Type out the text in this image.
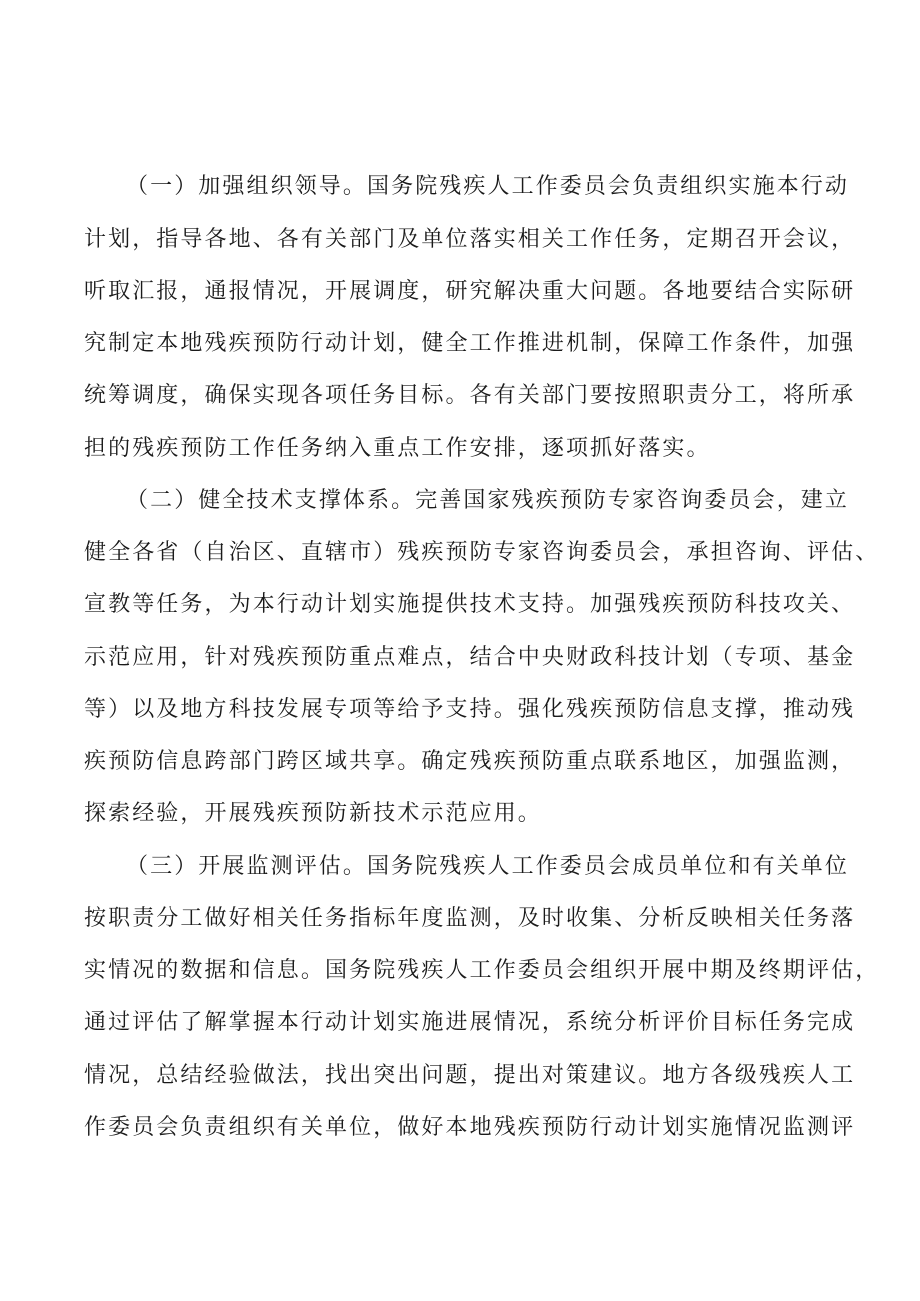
（一）加强组织领导。国务院残疾人工作委员会负责组织实施本行动
计划，指导各地、各有关部门及单位落实相关工作任务，定期召开会议，
听取汇报，通报情况，开展调度，研究解决重大问题。各地要结合实际研
究制定本地残疾预防行动计划，健全工作推进机制，保障工作条件，加强
统筹调度，确保实现各项任务目标。各有关部门要按照职责分工，将所承
担的残疾预防工作任务纳入重点工作安排，逐项抓好落实。
（二）健全技术支撑体系。完善国家残疾预防专家咨询委员会，建立
健全各省（自治区、直辖市）残疾预防专家咨询委员会，承担咨询、评估、
宣教等任务，为本行动计划实施提供技术支持。加强残疾预防科技攻关、
示范应用，针对残疾预防重点难点，结合中央财政科技计划（专项、基金
等）以及地方科技发展专项等给予支持。强化残疾预防信息支撑，推动残
疾预防信息跨部门跨区域共享。确定残疾预防重点联系地区，加强监测，
探索经验，开展残疾预防新技术示范应用。
（三）开展监测评估。国务院残疾人工作委员会成员单位和有关单位
按职责分工做好相关任务指标年度监测，及时收集、分析反映相关任务落
实情况的数据和信息。国务院残疾人工作委员会组织开展中期及终期评估，
通过评估了解掌握本行动计划实施进展情况，系统分析评价目标任务完成
情况，总结经验做法，找出突出问题，提出对策建议。地方各级残疾人工
作委员会负责组织有关单位，做好本地残疾预防行动计划实施情况监测评
